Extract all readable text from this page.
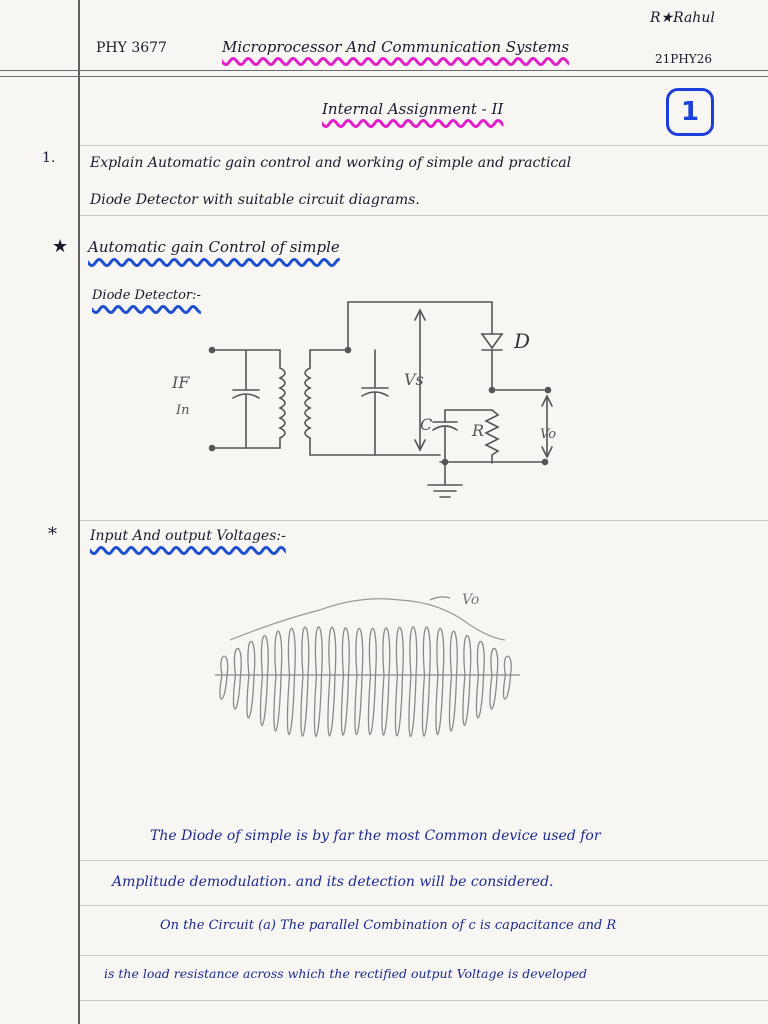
PHY 3677	Microprocessor And Communication Systems
R★Rahul
21PHY26
Internal Assignment - II	1
1. Explain Automatic gain control and working of simple and practical
Diode Detector with suitable circuit diagrams.
★ Automatic gain Control of simple
Diode Detector:-
IF
In
Vs
C R
D
Vo
* Input And output Voltages:-
Vo
The Diode of simple is by far the most Common device used for
Amplitude demodulation. and its detection will be considered.
On the Circuit (a) The parallel Combination of c is capacitance and R
is the load resistance across which the rectified output Voltage is developed
